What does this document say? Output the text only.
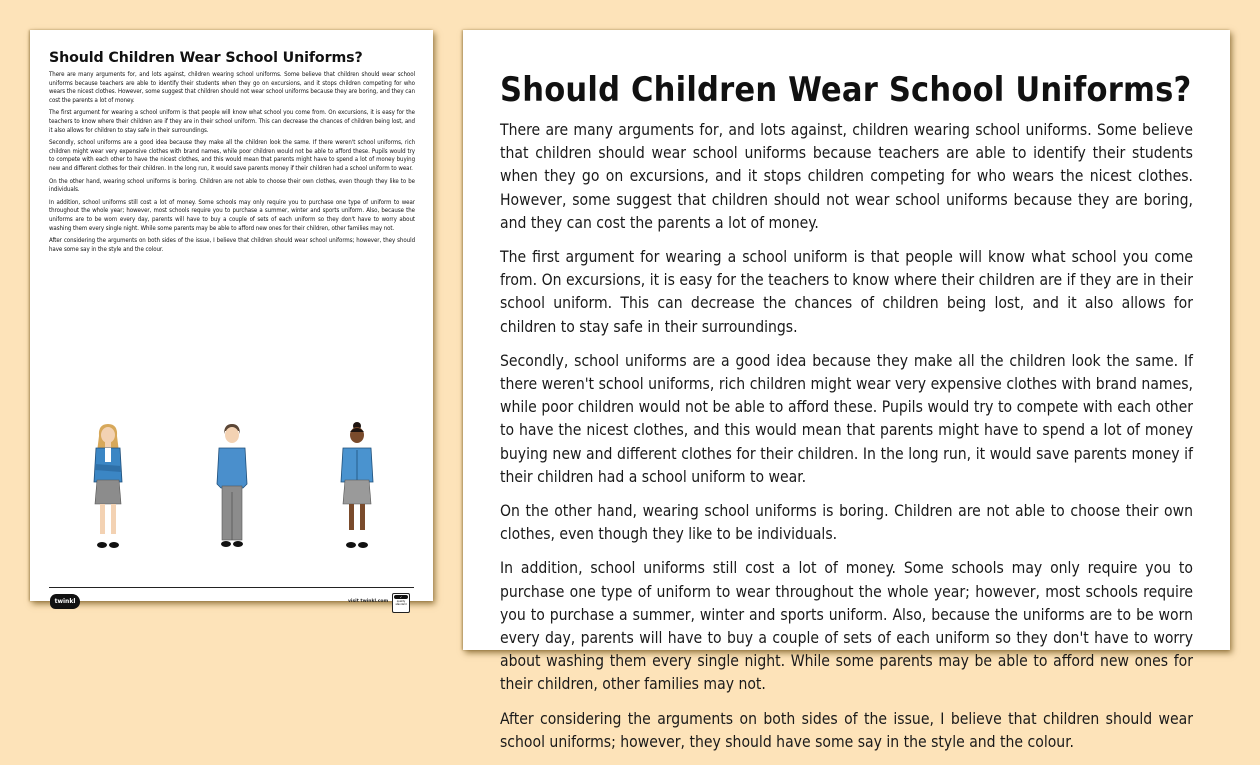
Should Children Wear School Uniforms?

There are many arguments for, and lots against, children wearing school uniforms. Some believe that children should wear school uniforms because teachers are able to identify their students when they go on excursions, and it stops children competing for who wears the nicest clothes. However, some suggest that children should not wear school uniforms because they are boring, and they can cost the parents a lot of money.

The first argument for wearing a school uniform is that people will know what school you come from. On excursions, it is easy for the teachers to know where their children are if they are in their school uniform. This can decrease the chances of children being lost, and it also allows for children to stay safe in their surroundings.

Secondly, school uniforms are a good idea because they make all the children look the same. If there weren't school uniforms, rich children might wear very expensive clothes with brand names, while poor children would not be able to afford these. Pupils would try to compete with each other to have the nicest clothes, and this would mean that parents might have to spend a lot of money buying new and different clothes for their children. In the long run, it would save parents money if their children had a school uniform to wear.

On the other hand, wearing school uniforms is boring. Children are not able to choose their own clothes, even though they like to be individuals.

In addition, school uniforms still cost a lot of money. Some schools may only require you to purchase one type of uniform to wear throughout the whole year; however, most schools require you to purchase a summer, winter and sports uniform. Also, because the uniforms are to be worn every day, parents will have to buy a couple of sets of each uniform so they don't have to worry about washing them every single night. While some parents may be able to afford new ones for their children, other families may not.

After considering the arguments on both sides of the issue, I believe that children should wear school uniforms; however, they should have some say in the style and the colour.

twinkl	visit twinkl.com
✓
quality standard
Should Children Wear School Uniforms?

There are many arguments for, and lots against, children wearing school uniforms. Some believe that children should wear school uniforms because teachers are able to identify their students when they go on excursions, and it stops children competing for who wears the nicest clothes. However, some suggest that children should not wear school uniforms because they are boring, and they can cost the parents a lot of money.

The first argument for wearing a school uniform is that people will know what school you come from. On excursions, it is easy for the teachers to know where their children are if they are in their school uniform. This can decrease the chances of children being lost, and it also allows for children to stay safe in their surroundings.

Secondly, school uniforms are a good idea because they make all the children look the same. If there weren't school uniforms, rich children might wear very expensive clothes with brand names, while poor children would not be able to afford these. Pupils would try to compete with each other to have the nicest clothes, and this would mean that parents might have to spend a lot of money buying new and different clothes for their children. In the long run, it would save parents money if their children had a school uniform to wear.

On the other hand, wearing school uniforms is boring. Children are not able to choose their own clothes, even though they like to be individuals.

In addition, school uniforms still cost a lot of money. Some schools may only require you to purchase one type of uniform to wear throughout the whole year; however, most schools require you to purchase a summer, winter and sports uniform. Also, because the uniforms are to be worn every day, parents will have to buy a couple of sets of each uniform so they don't have to worry about washing them every single night. While some parents may be able to afford new ones for their children, other families may not.

After considering the arguments on both sides of the issue, I believe that children should wear school uniforms; however, they should have some say in the style and the colour.
